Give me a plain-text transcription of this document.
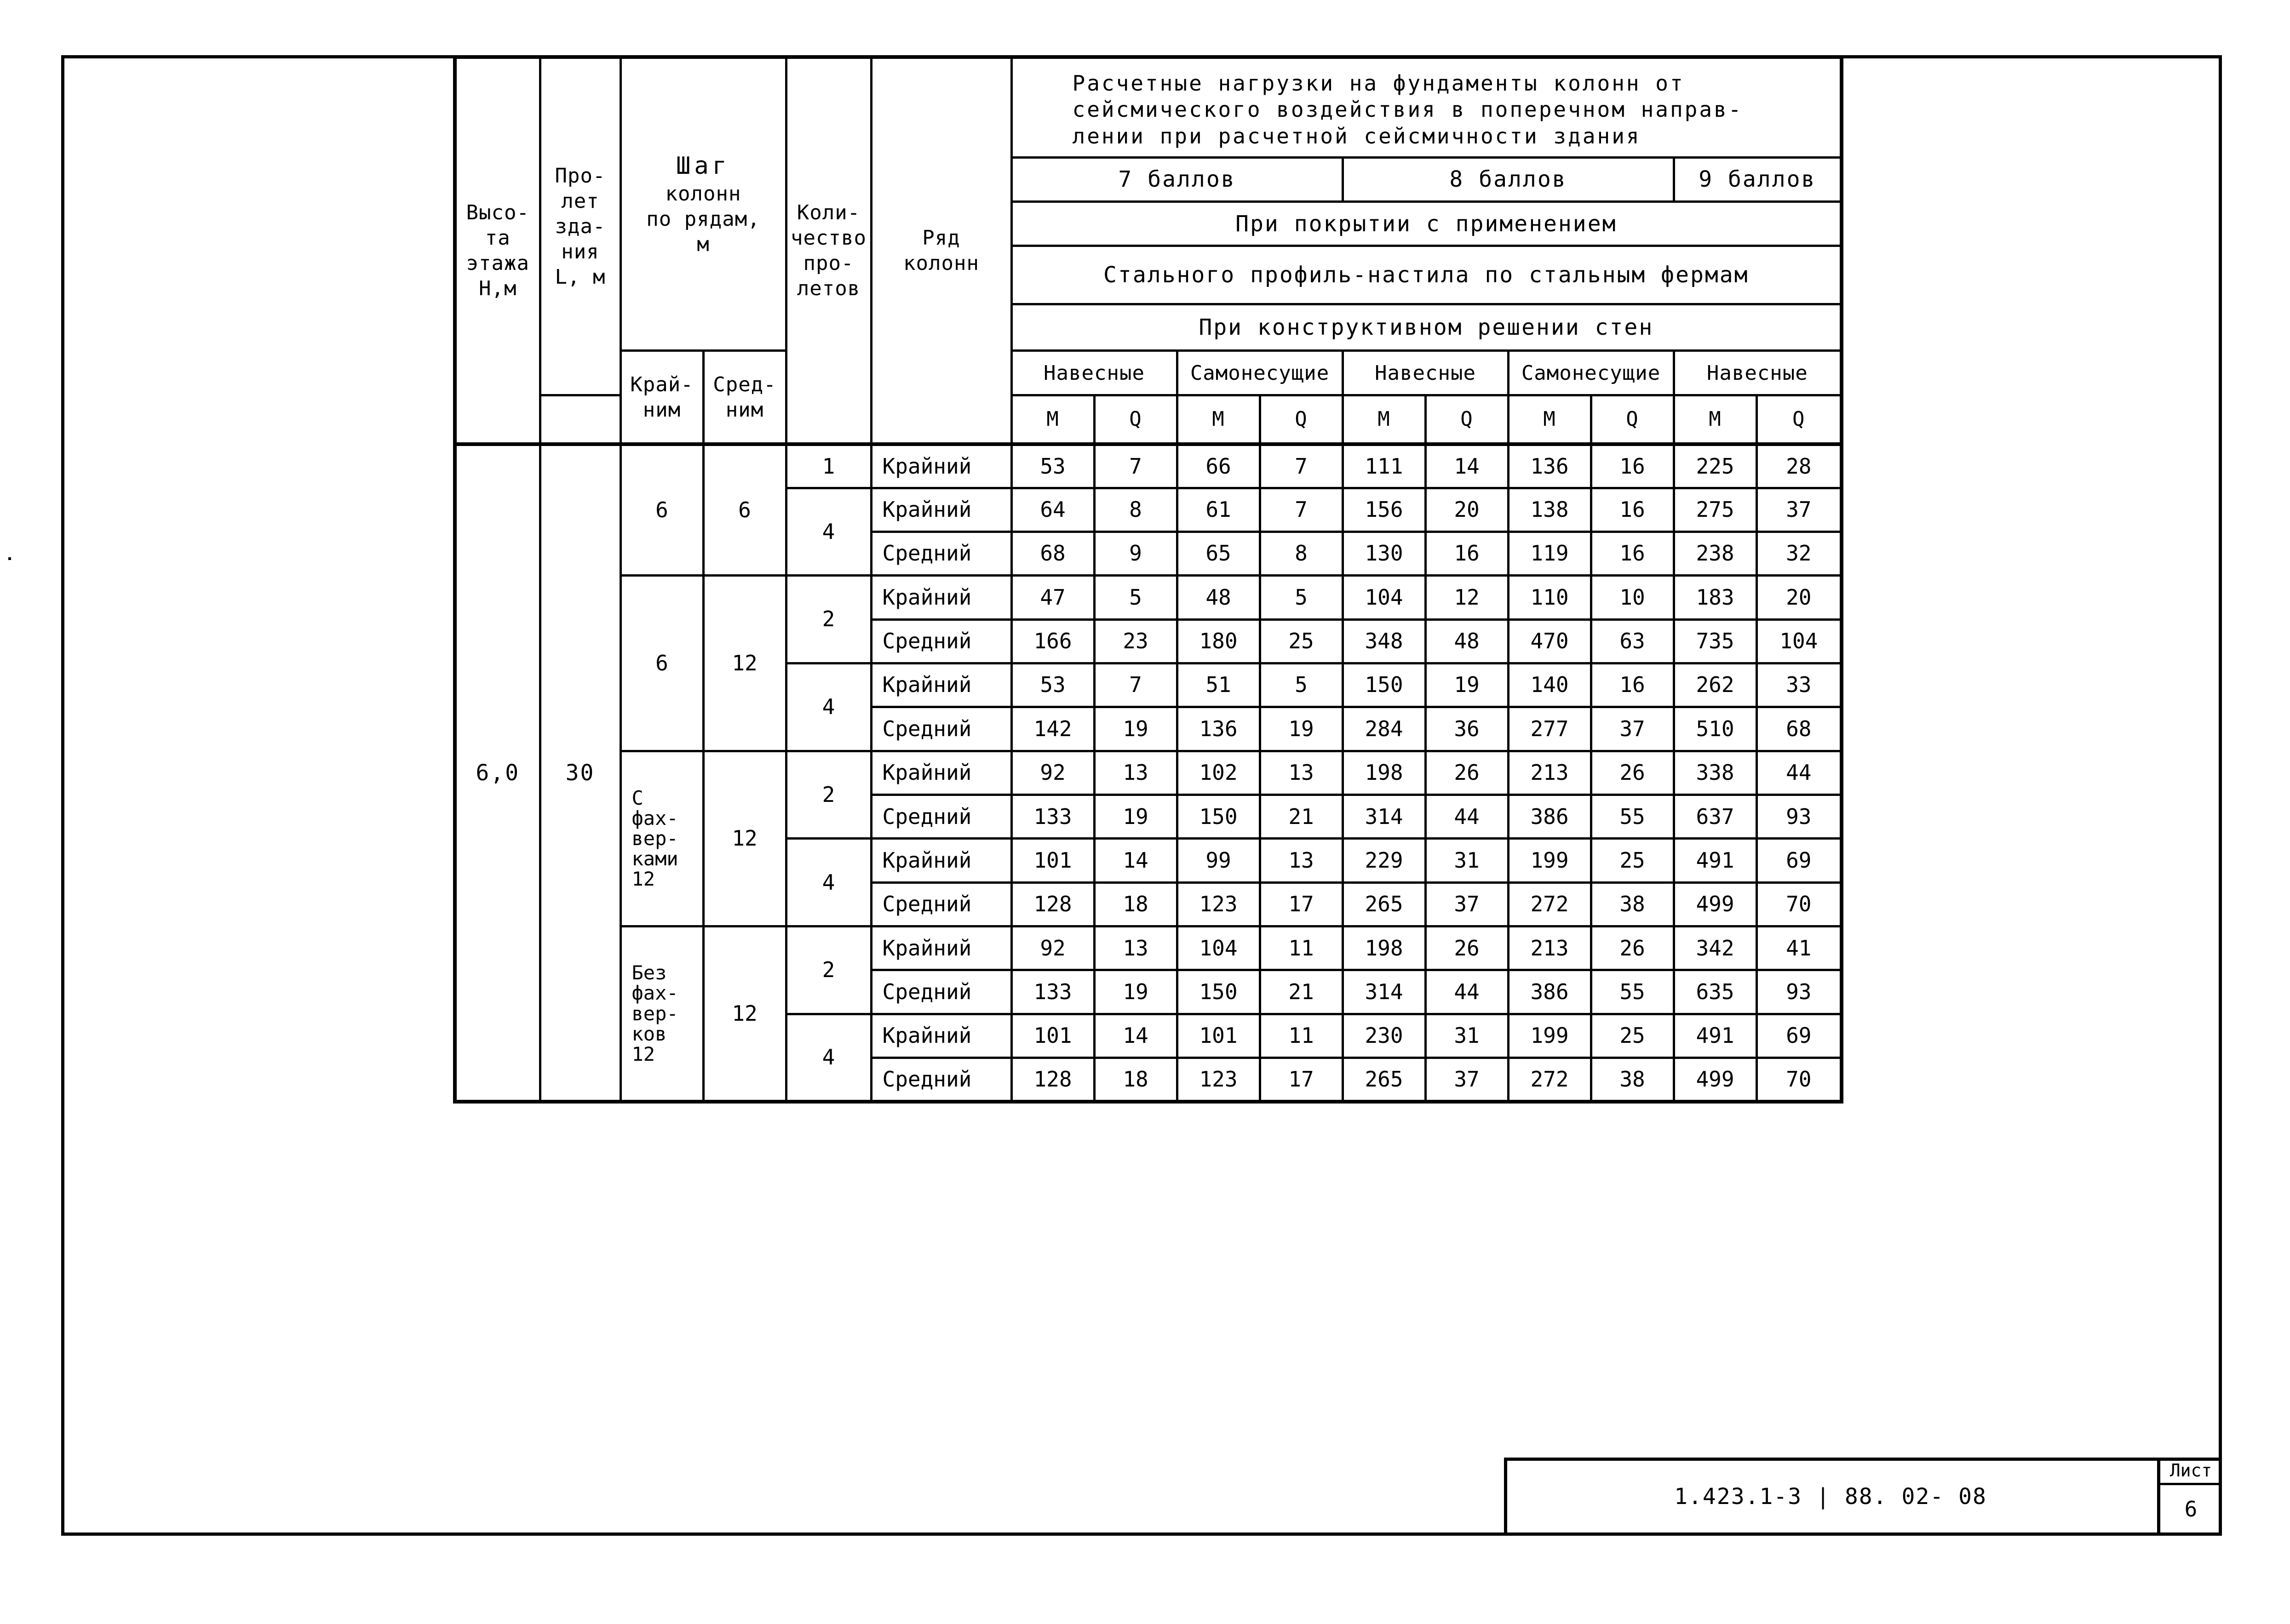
Высо-
та
этажа
Н,м	Про-
лет
зда-
ния
L, м	Шаг
колонн
по рядам,
м		Коли-
чество
про-
летов	Ряд
колонн	Расчетные нагрузки на фундаменты колонн от
сейсмического воздействия в поперечном направ-
лении при расчетной сейсмичности здания									

						7 баллов				8 баллов				9 баллов	
						При покрытии с применением									
						Стального профиль-настила по стальным фермам									
						При конструктивном решении стен									

		Край-
ним	Сред-
ним			Навесные		Самонесущие		Навесные		Самонесущие		Навесные	
						М	Q	М	Q	М	Q	М	Q	М	Q
6,0	30	6	6	1	Крайний	53	7	66	7	111	14	136	16	225	28
				4	Крайний	64	8	61	7	156	20	138	16	275	37
					Средний	68	9	65	8	130	16	119	16	238	32
		6	12	2	Крайний	47	5	48	5	104	12	110	10	183	20
					Средний	166	23	180	25	348	48	470	63	735	104
				4	Крайний	53	7	51	5	150	19	140	16	262	33
					Средний	142	19	136	19	284	36	277	37	510	68

		С
фах-
вер-
ками
12	12	2	Крайний	92	13	102	13	198	26	213	26	338	44
					Средний	133	19	150	21	314	44	386	55	637	93
				4	Крайний	101	14	99	13	229	31	199	25	491	69
					Средний	128	18	123	17	265	37	272	38	499	70

		Без
фах-
вер-
ков
12	12	2	Крайний	92	13	104	11	198	26	213	26	342	41
					Средний	133	19	150	21	314	44	386	55	635	93
				4	Крайний	101	14	101	11	230	31	199	25	491	69
					Средний	128	18	123	17	265	37	272	38	499	70
1.423.1-3 | 88. 02- 08
Лист
6
